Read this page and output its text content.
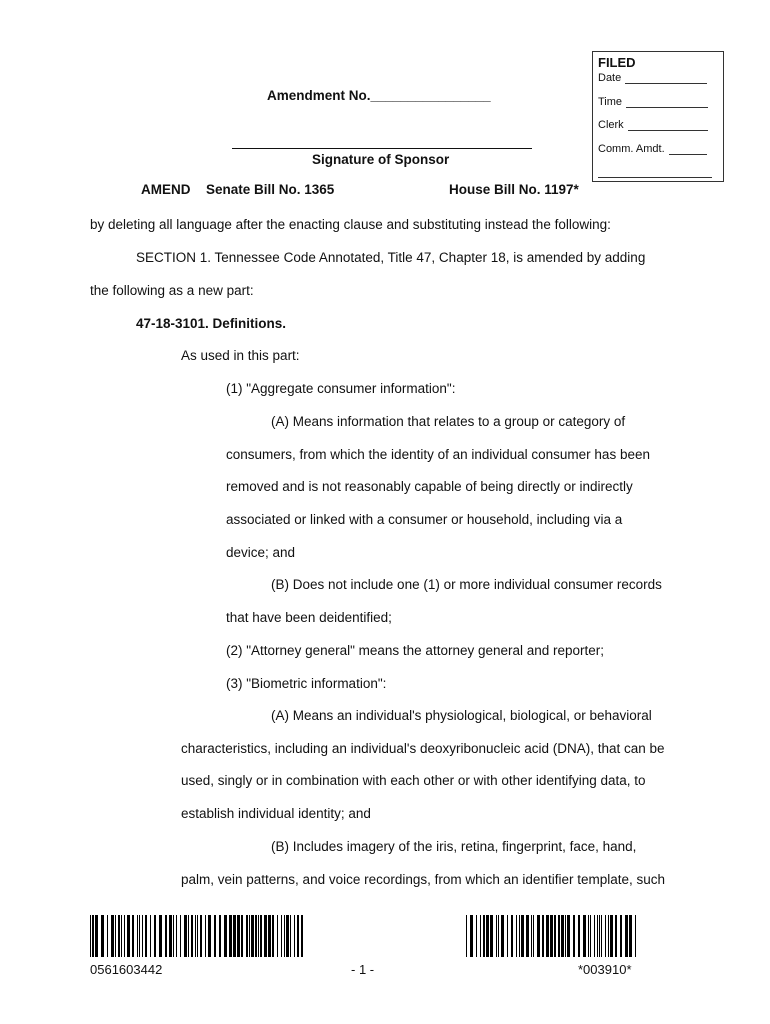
FILED
Date
Time
Clerk
Comm. Amdt.
Amendment No.________________
Signature of Sponsor
AMEND Senate Bill No. 1365	House Bill No. 1197*
by deleting all language after the enacting clause and substituting instead the following:
SECTION 1. Tennessee Code Annotated, Title 47, Chapter 18, is amended by adding
the following as a new part:
47-18-3101. Definitions.
As used in this part:
(1) "Aggregate consumer information":
(A) Means information that relates to a group or category of
consumers, from which the identity of an individual consumer has been
removed and is not reasonably capable of being directly or indirectly
associated or linked with a consumer or household, including via a
device; and
(B) Does not include one (1) or more individual consumer records
that have been deidentified;
(2) "Attorney general" means the attorney general and reporter;
(3) "Biometric information":
(A) Means an individual's physiological, biological, or behavioral
characteristics, including an individual's deoxyribonucleic acid (DNA), that can be
used, singly or in combination with each other or with other identifying data, to
establish individual identity; and
(B) Includes imagery of the iris, retina, fingerprint, face, hand,
palm, vein patterns, and voice recordings, from which an identifier template, such
0561603442	- 1 -	*003910*
